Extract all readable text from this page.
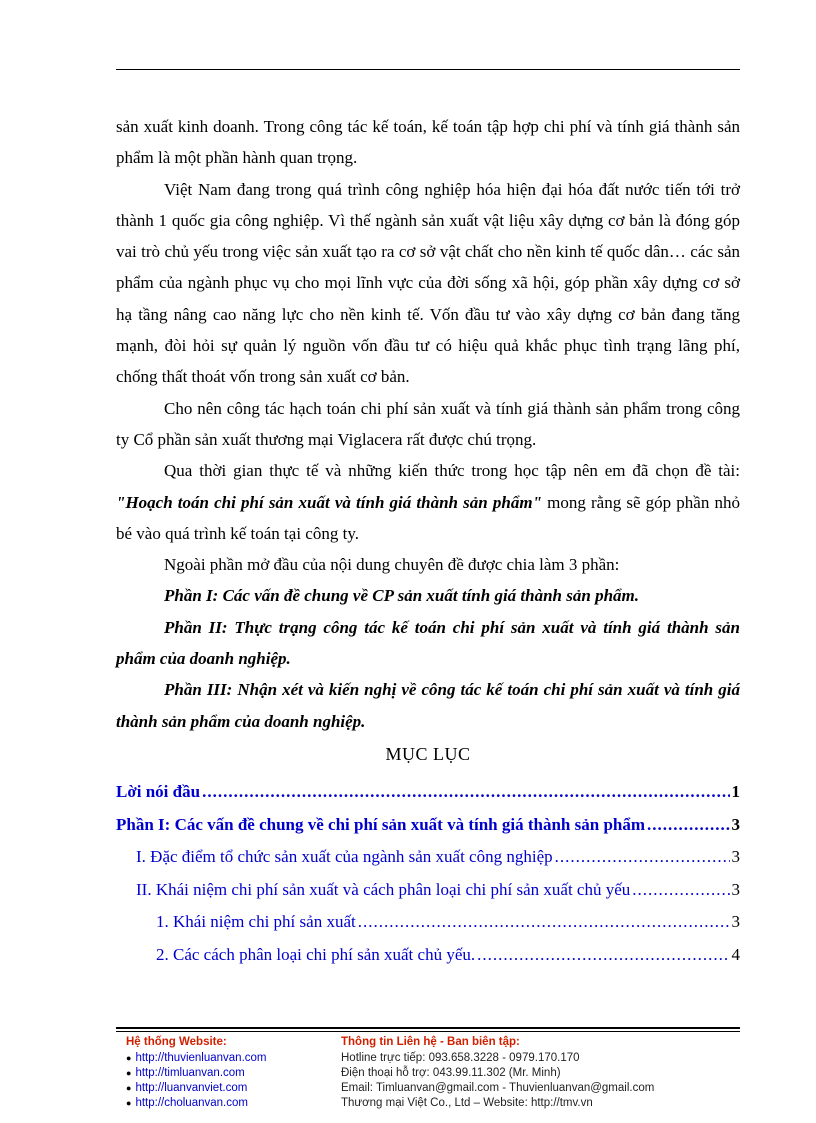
sản xuất kinh doanh. Trong công tác kế toán, kế toán tập hợp chi phí và tính giá thành sản phẩm là một phần hành quan trọng.

Việt Nam đang trong quá trình công nghiệp hóa hiện đại hóa đất nước tiến tới trở thành 1 quốc gia công nghiệp. Vì thế ngành sản xuất vật liệu xây dựng cơ bản là đóng góp vai trò chủ yếu trong việc sản xuất tạo ra cơ sở vật chất cho nền kinh tế quốc dân… các sản phẩm của ngành phục vụ cho mọi lĩnh vực của đời sống xã hội, góp phần xây dựng cơ sở hạ tầng nâng cao năng lực cho nền kinh tế. Vốn đầu tư vào xây dựng cơ bản đang tăng mạnh, đòi hỏi sự quản lý nguồn vốn đầu tư có hiệu quả khắc phục tình trạng lãng phí, chống thất thoát vốn trong sản xuất cơ bản.

Cho nên công tác hạch toán chi phí sản xuất và tính giá thành sản phẩm trong công ty Cổ phần sản xuất thương mại Viglacera rất được chú trọng.

Qua thời gian thực tế và những kiến thức trong học tập nên em đã chọn đề tài: "Hoạch toán chi phí sản xuất và tính giá thành sản phẩm" mong rằng sẽ góp phần nhỏ bé vào quá trình kế toán tại công ty.

Ngoài phần mở đầu của nội dung chuyên đề được chia làm 3 phần:

Phần I: Các vấn đề chung về CP sản xuất tính giá thành sản phẩm.

Phần II: Thực trạng công tác kế toán chi phí sản xuất và tính giá thành sản phẩm của doanh nghiệp.

Phần III: Nhận xét và kiến nghị về công tác kế toán chi phí sản xuất và tính giá thành sản phẩm của doanh nghiệp.

MỤC LỤC
Lời nói đầu .....	1
Phần I: Các vấn đề chung về chi phí sản xuất và tính giá thành sản phẩm .....	3
I. Đặc điểm tổ chức sản xuất của ngành sản xuất công nghiệp .....	3
II. Khái niệm chi phí sản xuất và cách phân loại chi phí sản xuất chủ yếu .....	3
1. Khái niệm chi phí sản xuất .....	3
2. Các cách phân loại chi phí sản xuất chủ yếu. .....	4
Hệ thống Website:
● http://thuvienluanvan.com
● http://timluanvan.com
● http://luanvanviet.com
● http://choluanvan.com
Thông tin Liên hệ - Ban biên tập:
Hotline trực tiếp: 093.658.3228 - 0979.170.170
Điện thoại hỗ trợ: 043.99.11.302 (Mr. Minh)
Email: Timluanvan@gmail.com - Thuvienluanvan@gmail.com
Thương mại Việt Co., Ltd – Website: http://tmv.vn
